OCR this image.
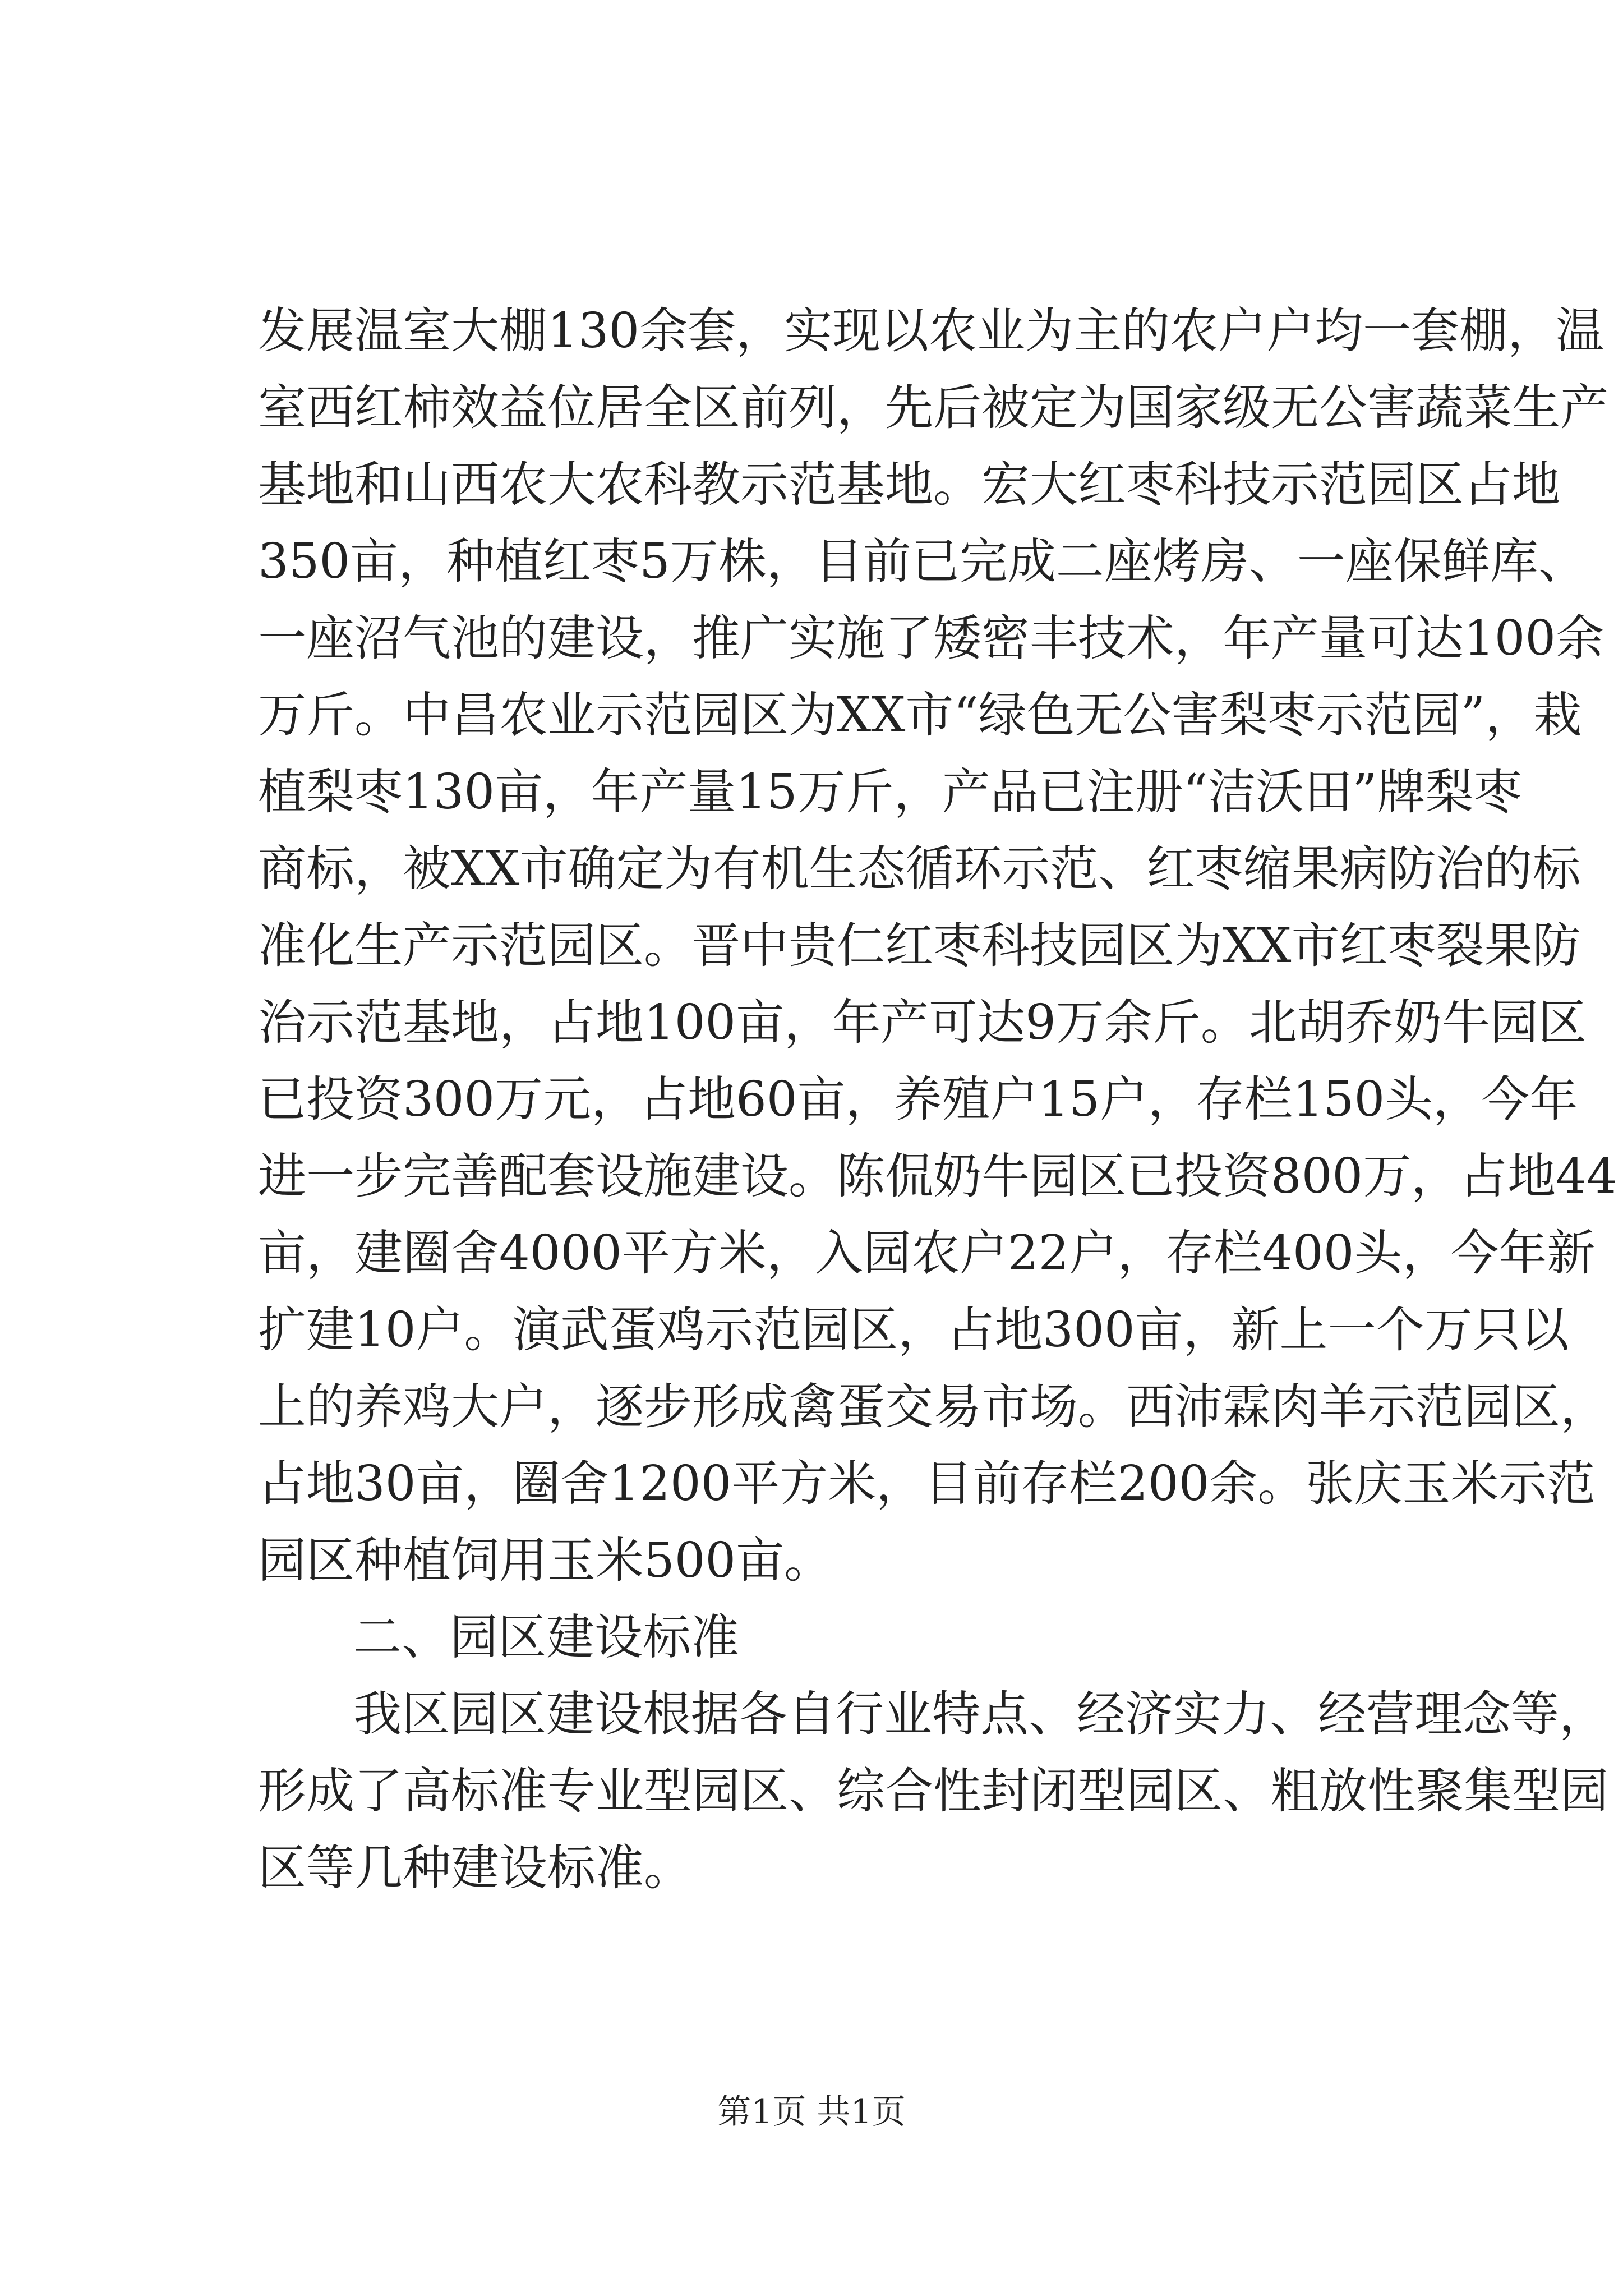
发展温室大棚130余套，实现以农业为主的农户户均一套棚，温
室西红柿效益位居全区前列，先后被定为国家级无公害蔬菜生产
基地和山西农大农科教示范基地。宏大红枣科技示范园区占地
350亩，种植红枣5万株，目前已完成二座烤房、一座保鲜库、
一座沼气池的建设，推广实施了矮密丰技术，年产量可达100余
万斤。中昌农业示范园区为XX市“绿色无公害梨枣示范园”，栽
植梨枣130亩，年产量15万斤，产品已注册“洁沃田”牌梨枣
商标，被XX市确定为有机生态循环示范、红枣缩果病防治的标
准化生产示范园区。晋中贵仁红枣科技园区为XX市红枣裂果防
治示范基地，占地100亩，年产可达9万余斤。北胡乔奶牛园区
已投资300万元，占地60亩，养殖户15户，存栏150头，今年
进一步完善配套设施建设。陈侃奶牛园区已投资800万，占地44
亩，建圈舍4000平方米，入园农户22户，存栏400头，今年新
扩建10户。演武蛋鸡示范园区，占地300亩，新上一个万只以
上的养鸡大户，逐步形成禽蛋交易市场。西沛霖肉羊示范园区，
占地30亩，圈舍1200平方米，目前存栏200余。张庆玉米示范
园区种植饲用玉米500亩。
二、园区建设标准
我区园区建设根据各自行业特点、经济实力、经营理念等，
形成了高标准专业型园区、综合性封闭型园区、粗放性聚集型园
区等几种建设标准。
第1页 共1页
